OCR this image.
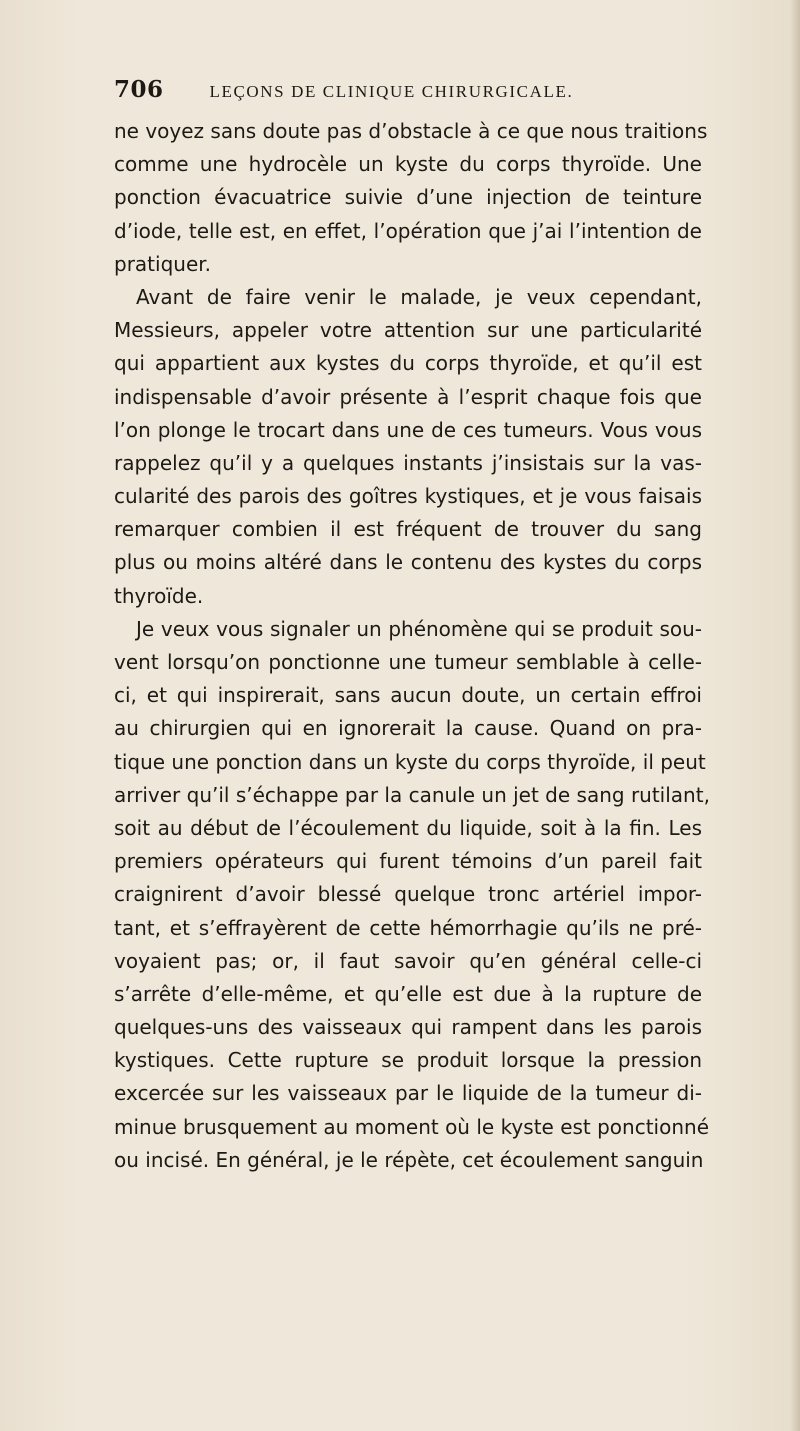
706	LEÇONS DE CLINIQUE CHIRURGICALE.
ne voyez sans doute pas d’obstacle à ce que nous traitions
comme une hydrocèle un kyste du corps thyroïde. Une
ponction évacuatrice suivie d’une injection de teinture
d’iode, telle est, en effet, l’opération que j’ai l’intention de
pratiquer.
Avant de faire venir le malade, je veux cependant,
Messieurs, appeler votre attention sur une particularité
qui appartient aux kystes du corps thyroïde, et qu’il est
indispensable d’avoir présente à l’esprit chaque fois que
l’on plonge le trocart dans une de ces tumeurs. Vous vous
rappelez qu’il y a quelques instants j’insistais sur la vas-
cularité des parois des goîtres kystiques, et je vous faisais
remarquer combien il est fréquent de trouver du sang
plus ou moins altéré dans le contenu des kystes du corps
thyroïde.
Je veux vous signaler un phénomène qui se produit sou-
vent lorsqu’on ponctionne une tumeur semblable à celle-
ci, et qui inspirerait, sans aucun doute, un certain effroi
au chirurgien qui en ignorerait la cause. Quand on pra-
tique une ponction dans un kyste du corps thyroïde, il peut
arriver qu’il s’échappe par la canule un jet de sang rutilant,
soit au début de l’écoulement du liquide, soit à la fin. Les
premiers opérateurs qui furent témoins d’un pareil fait
craignirent d’avoir blessé quelque tronc artériel impor-
tant, et s’effrayèrent de cette hémorrhagie qu’ils ne pré-
voyaient pas; or, il faut savoir qu’en général celle-ci
s’arrête d’elle-même, et qu’elle est due à la rupture de
quelques-uns des vaisseaux qui rampent dans les parois
kystiques. Cette rupture se produit lorsque la pression
excercée sur les vaisseaux par le liquide de la tumeur di-
minue brusquement au moment où le kyste est ponctionné
ou incisé. En général, je le répète, cet écoulement sanguin
